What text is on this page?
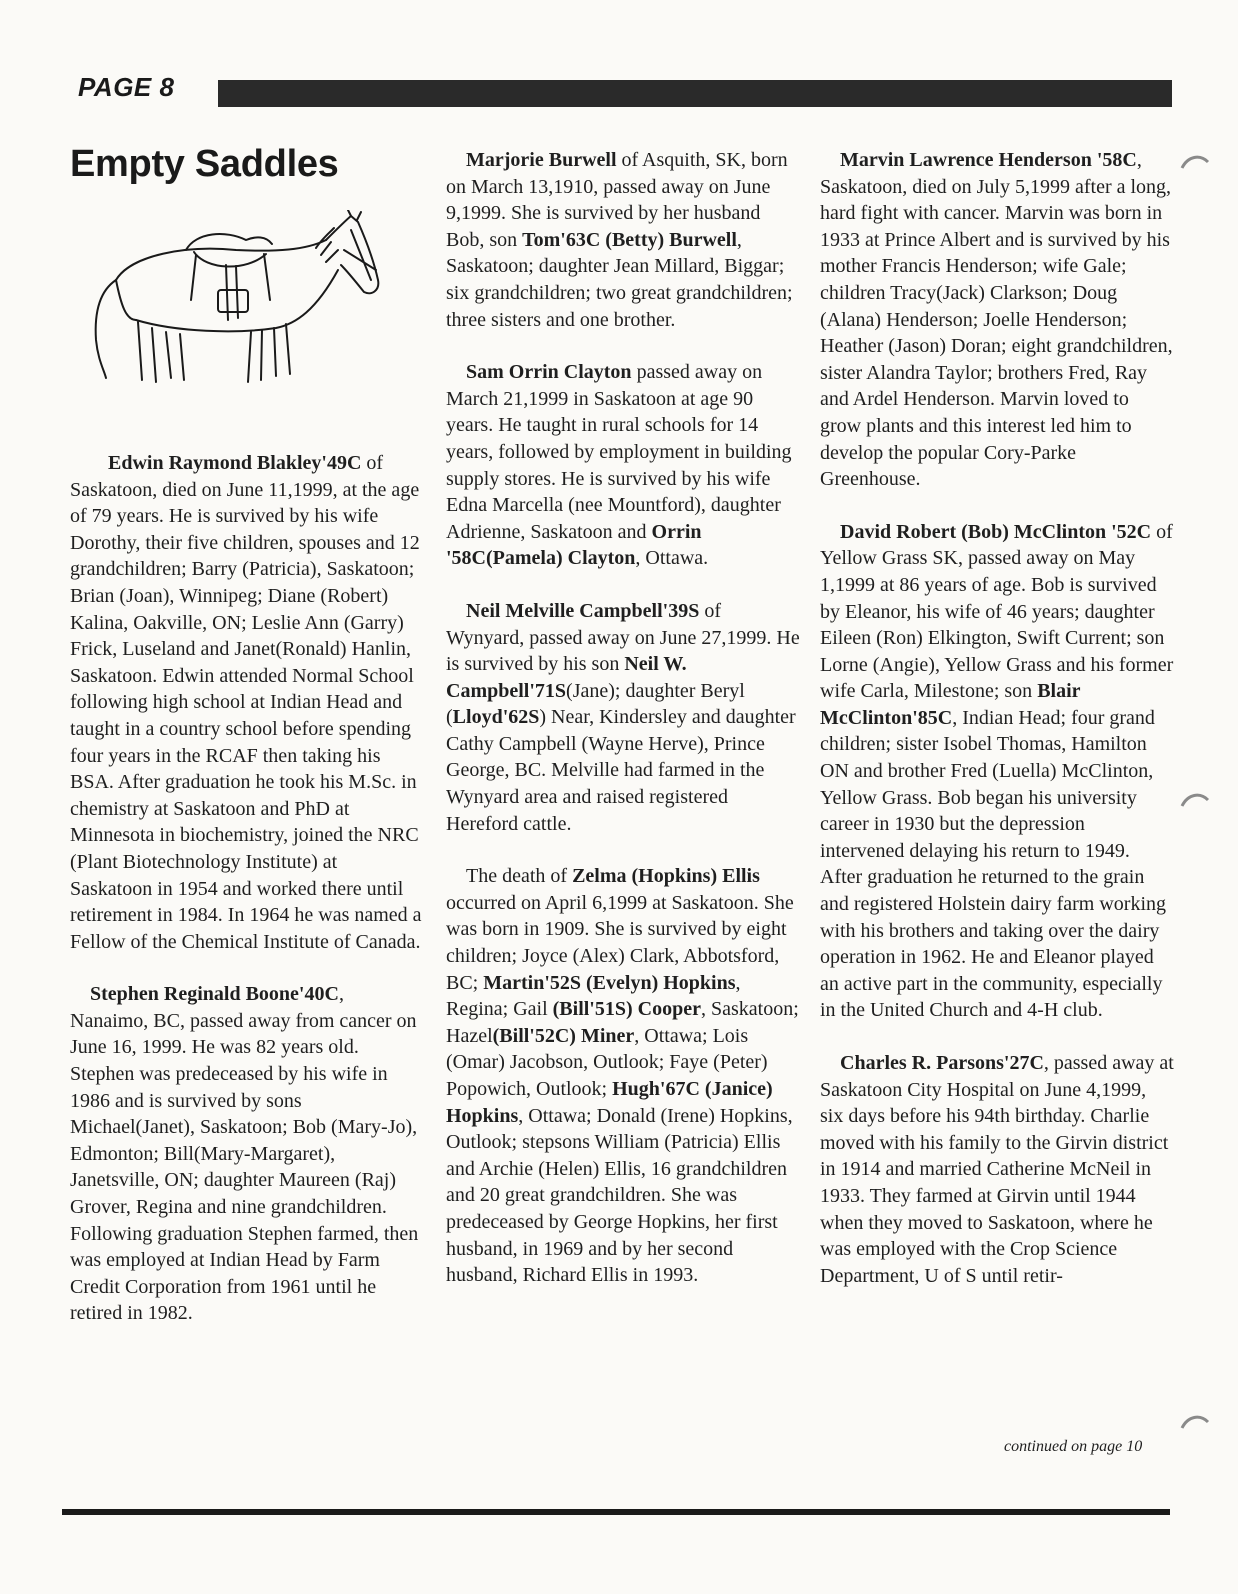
PAGE 8
Empty Saddles

Edwin Raymond Blakley'49C of Saskatoon, died on June 11,1999, at the age of 79 years. He is survived by his wife Dorothy, their five children, spouses and 12 grandchildren; Barry (Patricia), Saskatoon; Brian (Joan), Winnipeg; Diane (Robert) Kalina, Oakville, ON; Leslie Ann (Garry) Frick, Luseland and Janet(Ronald) Hanlin, Saskatoon. Edwin attended Normal School following high school at Indian Head and taught in a country school before spending four years in the RCAF then taking his BSA. After graduation he took his M.Sc. in chemistry at Saskatoon and PhD at Minnesota in biochemistry, joined the NRC (Plant Biotechnology Institute) at Saskatoon in 1954 and worked there until retirement in 1984. In 1964 he was named a Fellow of the Chemical Institute of Canada.

Stephen Reginald Boone'40C, Nanaimo, BC, passed away from cancer on June 16, 1999. He was 82 years old. Stephen was predeceased by his wife in 1986 and is survived by sons Michael(Janet), Saskatoon; Bob (Mary-Jo), Edmonton; Bill(Mary-Margaret), Janetsville, ON; daughter Maureen (Raj) Grover, Regina and nine grandchildren. Following graduation Stephen farmed, then was employed at Indian Head by Farm Credit Corporation from 1961 until he retired in 1982.

Marjorie Burwell of Asquith, SK, born on March 13,1910, passed away on June 9,1999. She is survived by her husband Bob, son Tom'63C (Betty) Burwell, Saskatoon; daughter Jean Millard, Biggar; six grandchildren; two great grandchildren; three sisters and one brother.

Sam Orrin Clayton passed away on March 21,1999 in Saskatoon at age 90 years. He taught in rural schools for 14 years, followed by employment in building supply stores. He is survived by his wife Edna Marcella (nee Mountford), daughter Adrienne, Saskatoon and Orrin '58C(Pamela) Clayton, Ottawa.

Neil Melville Campbell'39S of Wynyard, passed away on June 27,1999. He is survived by his son Neil W. Campbell'71S(Jane); daughter Beryl (Lloyd'62S) Near, Kindersley and daughter Cathy Campbell (Wayne Herve), Prince George, BC. Melville had farmed in the Wynyard area and raised registered Hereford cattle.

The death of Zelma (Hopkins) Ellis occurred on April 6,1999 at Saskatoon. She was born in 1909. She is survived by eight children; Joyce (Alex) Clark, Abbotsford, BC; Martin'52S (Evelyn) Hopkins, Regina; Gail (Bill'51S) Cooper, Saskatoon; Hazel(Bill'52C) Miner, Ottawa; Lois (Omar) Jacobson, Outlook; Faye (Peter) Popowich, Outlook; Hugh'67C (Janice) Hopkins, Ottawa; Donald (Irene) Hopkins, Outlook; stepsons William (Patricia) Ellis and Archie (Helen) Ellis, 16 grandchildren and 20 great grandchildren. She was predeceased by George Hopkins, her first husband, in 1969 and by her second husband, Richard Ellis in 1993.

Marvin Lawrence Henderson '58C, Saskatoon, died on July 5,1999 after a long, hard fight with cancer. Marvin was born in 1933 at Prince Albert and is survived by his mother Francis Henderson; wife Gale; children Tracy(Jack) Clarkson; Doug (Alana) Henderson; Joelle Henderson; Heather (Jason) Doran; eight grandchildren, sister Alandra Taylor; brothers Fred, Ray and Ardel Henderson. Marvin loved to grow plants and this interest led him to develop the popular Cory-Parke Greenhouse.

David Robert (Bob) McClinton '52C of Yellow Grass SK, passed away on May 1,1999 at 86 years of age. Bob is survived by Eleanor, his wife of 46 years; daughter Eileen (Ron) Elkington, Swift Current; son Lorne (Angie), Yellow Grass and his former wife Carla, Milestone; son Blair McClinton'85C, Indian Head; four grand children; sister Isobel Thomas, Hamilton ON and brother Fred (Luella) McClinton, Yellow Grass. Bob began his university career in 1930 but the depression intervened delaying his return to 1949. After graduation he returned to the grain and registered Holstein dairy farm working with his brothers and taking over the dairy operation in 1962. He and Eleanor played an active part in the community, especially in the United Church and 4-H club.

Charles R. Parsons'27C, passed away at Saskatoon City Hospital on June 4,1999, six days before his 94th birthday. Charlie moved with his family to the Girvin district in 1914 and married Catherine McNeil in 1933. They farmed at Girvin until 1944 when they moved to Saskatoon, where he was employed with the Crop Science Department, U of S until retir-

continued on page 10
